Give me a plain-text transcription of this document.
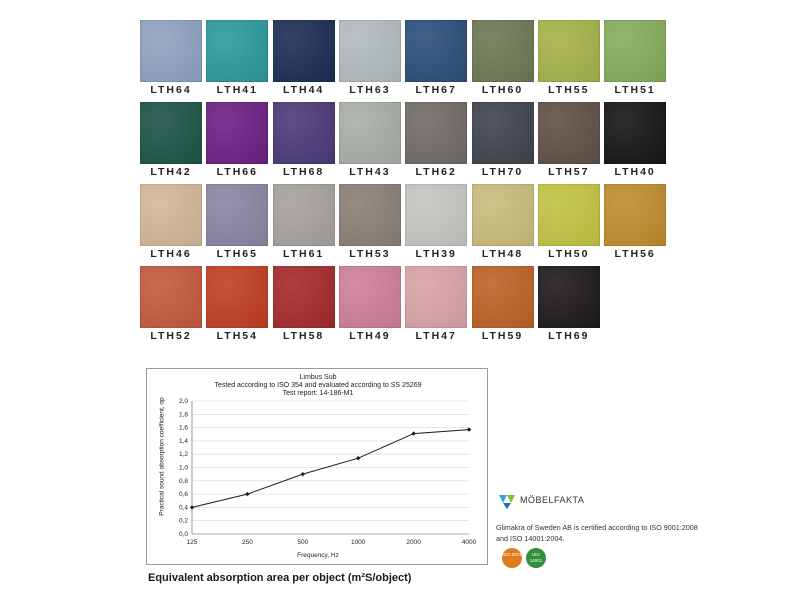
LTH64	LTH41	LTH44	LTH63	LTH67	LTH60	LTH55	LTH51
LTH42	LTH66	LTH68	LTH43	LTH62	LTH70	LTH57	LTH40
LTH46	LTH65	LTH61	LTH53	LTH39	LTH48	LTH50	LTH56
LTH52	LTH54	LTH58	LTH49	LTH47	LTH59	LTH69
Limbus Sub
Tested according to ISO 354 and evaluated according to SS 25269
Test report: 14-186-M1
0,0
0,2
0,4
0,6
0,8
1,0
1,2
1,4
1,6
1,8
2,0
125	250	500	1000	2000	4000
Practical sound absorption coefficient, αp
Frequency, Hz
Equivalent absorption area per object (m²S/object)
MÖBELFAKTA
Glimakra of Sweden AB is certified according to ISO 9001:2008 and ISO 14001:2004.
ISO 9001	ISO 14001
